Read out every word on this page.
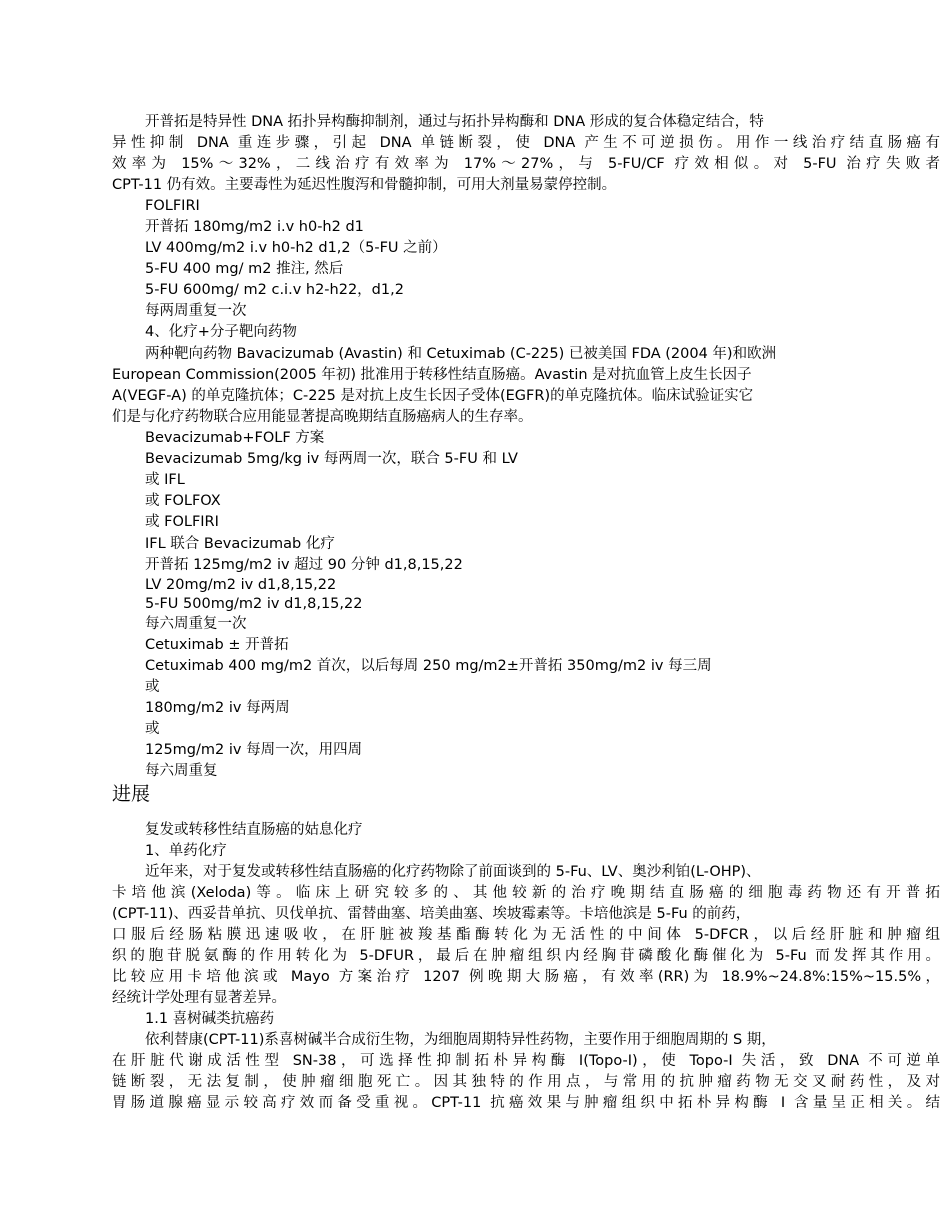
开普拓是特异性 DNA 拓扑异构酶抑制剂，通过与拓扑异构酶和 DNA 形成的复合体稳定结合，特
异性抑制 DNA 重连步骤，引起 DNA 单链断裂，使 DNA 产生不可逆损伤。用作一线治疗结直肠癌有
效率为 15%～32%，二线治疗有效率为 17%～27%，与 5-FU/CF 疗效相似。对 5-FU 治疗失败者
CPT-11 仍有效。主要毒性为延迟性腹泻和骨髓抑制，可用大剂量易蒙停控制。
FOLFIRI
开普拓 180mg/m2 i.v h0-h2 d1
LV 400mg/m2 i.v h0-h2 d1,2（5-FU 之前）
5-FU 400 mg/ m2 推注, 然后
5-FU 600mg/ m2 c.i.v h2-h22，d1,2
每两周重复一次
4、化疗+分子靶向药物
两种靶向药物 Bavacizumab (Avastin) 和 Cetuximab (C-225) 已被美国 FDA (2004 年)和欧洲
European Commission(2005 年初) 批准用于转移性结直肠癌。Avastin 是对抗血管上皮生长因子
A(VEGF-A) 的单克隆抗体；C-225 是对抗上皮生长因子受体(EGFR)的单克隆抗体。临床试验证实它
们是与化疗药物联合应用能显著提高晚期结直肠癌病人的生存率。
Bevacizumab+FOLF 方案
Bevacizumab 5mg/kg iv 每两周一次，联合 5-FU 和 LV
或 IFL
或 FOLFOX
或 FOLFIRI
IFL 联合 Bevacizumab 化疗
开普拓 125mg/m2 iv 超过 90 分钟 d1,8,15,22
LV 20mg/m2 iv d1,8,15,22
5-FU 500mg/m2 iv d1,8,15,22
每六周重复一次
Cetuximab ± 开普拓
Cetuximab 400 mg/m2 首次，以后每周 250 mg/m2±开普拓 350mg/m2 iv 每三周
或
180mg/m2 iv 每两周
或
125mg/m2 iv 每周一次，用四周
每六周重复
进展
复发或转移性结直肠癌的姑息化疗
1、单药化疗
近年来，对于复发或转移性结直肠癌的化疗药物除了前面谈到的 5-Fu、LV、奥沙利铂(L-OHP)、
卡培他滨(Xeloda)等。临床上研究较多的、其他较新的治疗晚期结直肠癌的细胞毒药物还有开普拓
(CPT-11)、西妥昔单抗、贝伐单抗、雷替曲塞、培美曲塞、埃坡霉素等。卡培他滨是 5-Fu 的前药，
口服后经肠粘膜迅速吸收，在肝脏被羧基酯酶转化为无活性的中间体 5-DFCR，以后经肝脏和肿瘤组
织的胞苷脱氨酶的作用转化为 5-DFUR，最后在肿瘤组织内经胸苷磷酸化酶催化为 5-Fu 而发挥其作用。
比较应用卡培他滨或 Mayo 方案治疗 1207 例晚期大肠癌，有效率(RR)为 18.9%~24.8%:15%~15.5%，
经统计学处理有显著差异。
1.1 喜树碱类抗癌药
依利替康(CPT-11)系喜树碱半合成衍生物，为细胞周期特异性药物，主要作用于细胞周期的 S 期，
在肝脏代谢成活性型 SN-38，可选择性抑制拓朴异构酶 I(Topo-I)，使 Topo-I 失活，致 DNA 不可逆单
链断裂，无法复制，使肿瘤细胞死亡。因其独特的作用点，与常用的抗肿瘤药物无交叉耐药性，及对
胃肠道腺癌显示较高疗效而备受重视。CPT-11 抗癌效果与肿瘤组织中拓朴异构酶 I 含量呈正相关。结
